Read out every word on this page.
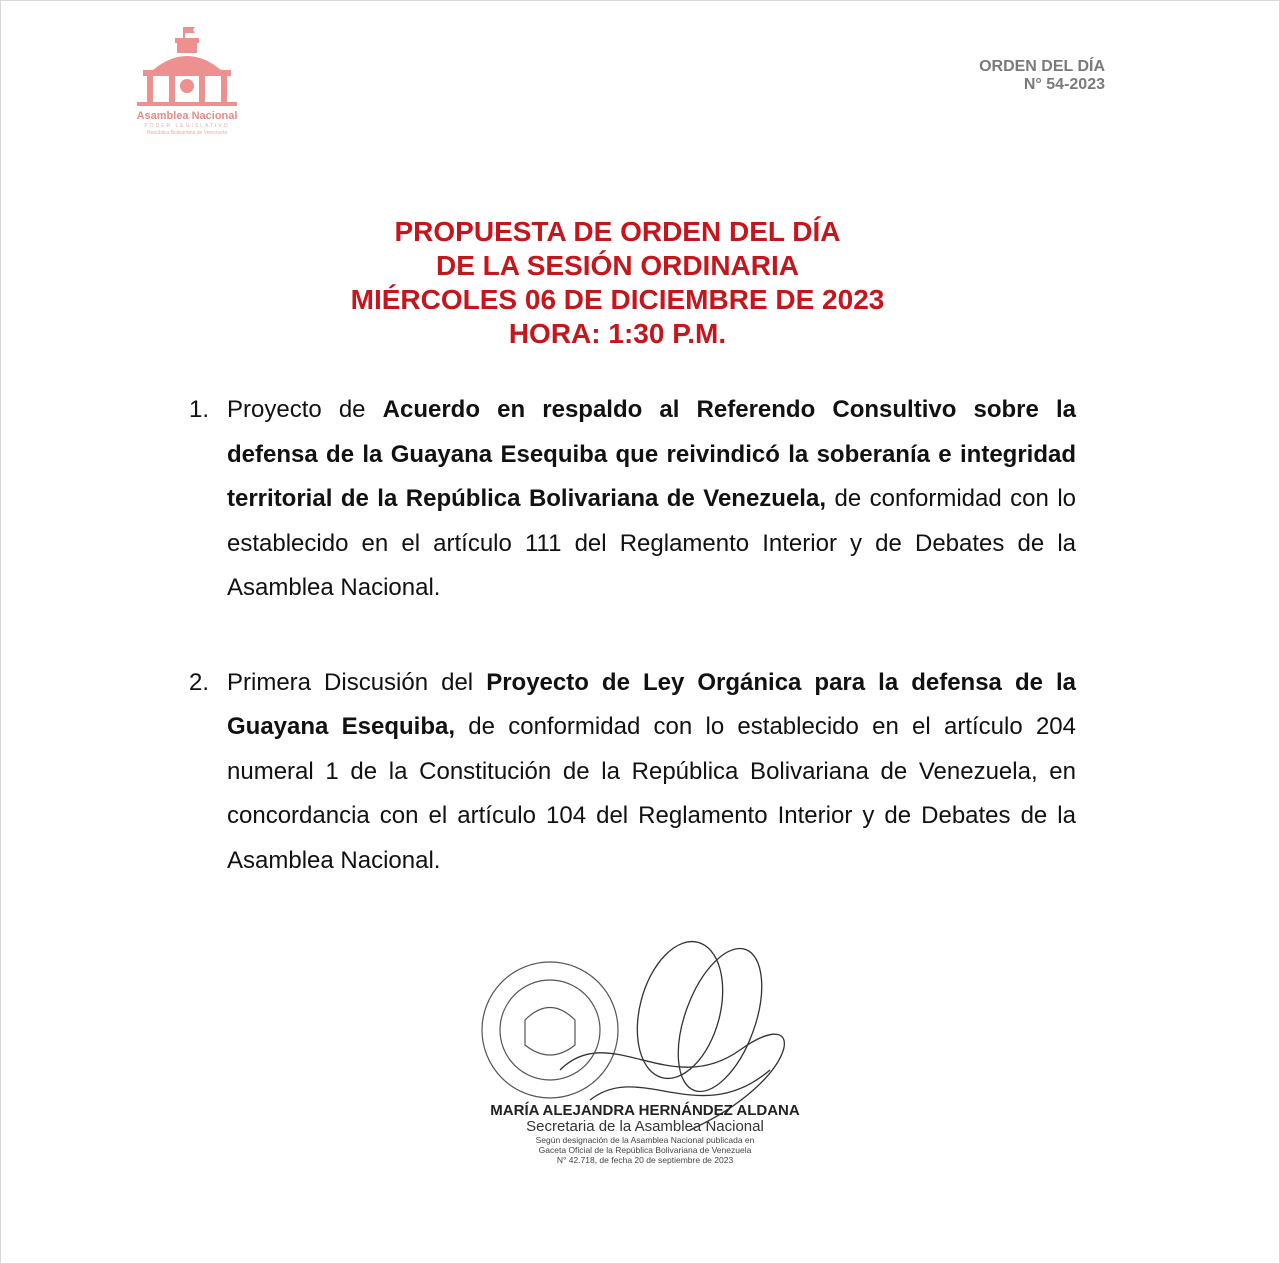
Asamblea Nacional
PODER LEGISLATIVO
República Bolivariana de Venezuela
ORDEN DEL DÍA
N° 54-2023
PROPUESTA DE ORDEN DEL DÍA
DE LA SESIÓN ORDINARIA
MIÉRCOLES 06 DE DICIEMBRE DE 2023
HORA: 1:30 P.M.
1. Proyecto de Acuerdo en respaldo al Referendo Consultivo sobre la defensa de la Guayana Esequiba que reivindicó la soberanía e integridad territorial de la República Bolivariana de Venezuela, de conformidad con lo establecido en el artículo 111 del Reglamento Interior y de Debates de la Asamblea Nacional.
2. Primera Discusión del Proyecto de Ley Orgánica para la defensa de la Guayana Esequiba, de conformidad con lo establecido en el artículo 204 numeral 1 de la Constitución de la República Bolivariana de Venezuela, en concordancia con el artículo 104 del Reglamento Interior y de Debates de la Asamblea Nacional.
MARÍA ALEJANDRA HERNÁNDEZ ALDANA
Secretaria de la Asamblea Nacional
Según designación de la Asamblea Nacional publicada en
Gaceta Oficial de la República Bolivariana de Venezuela
N° 42.718, de fecha 20 de septiembre de 2023
